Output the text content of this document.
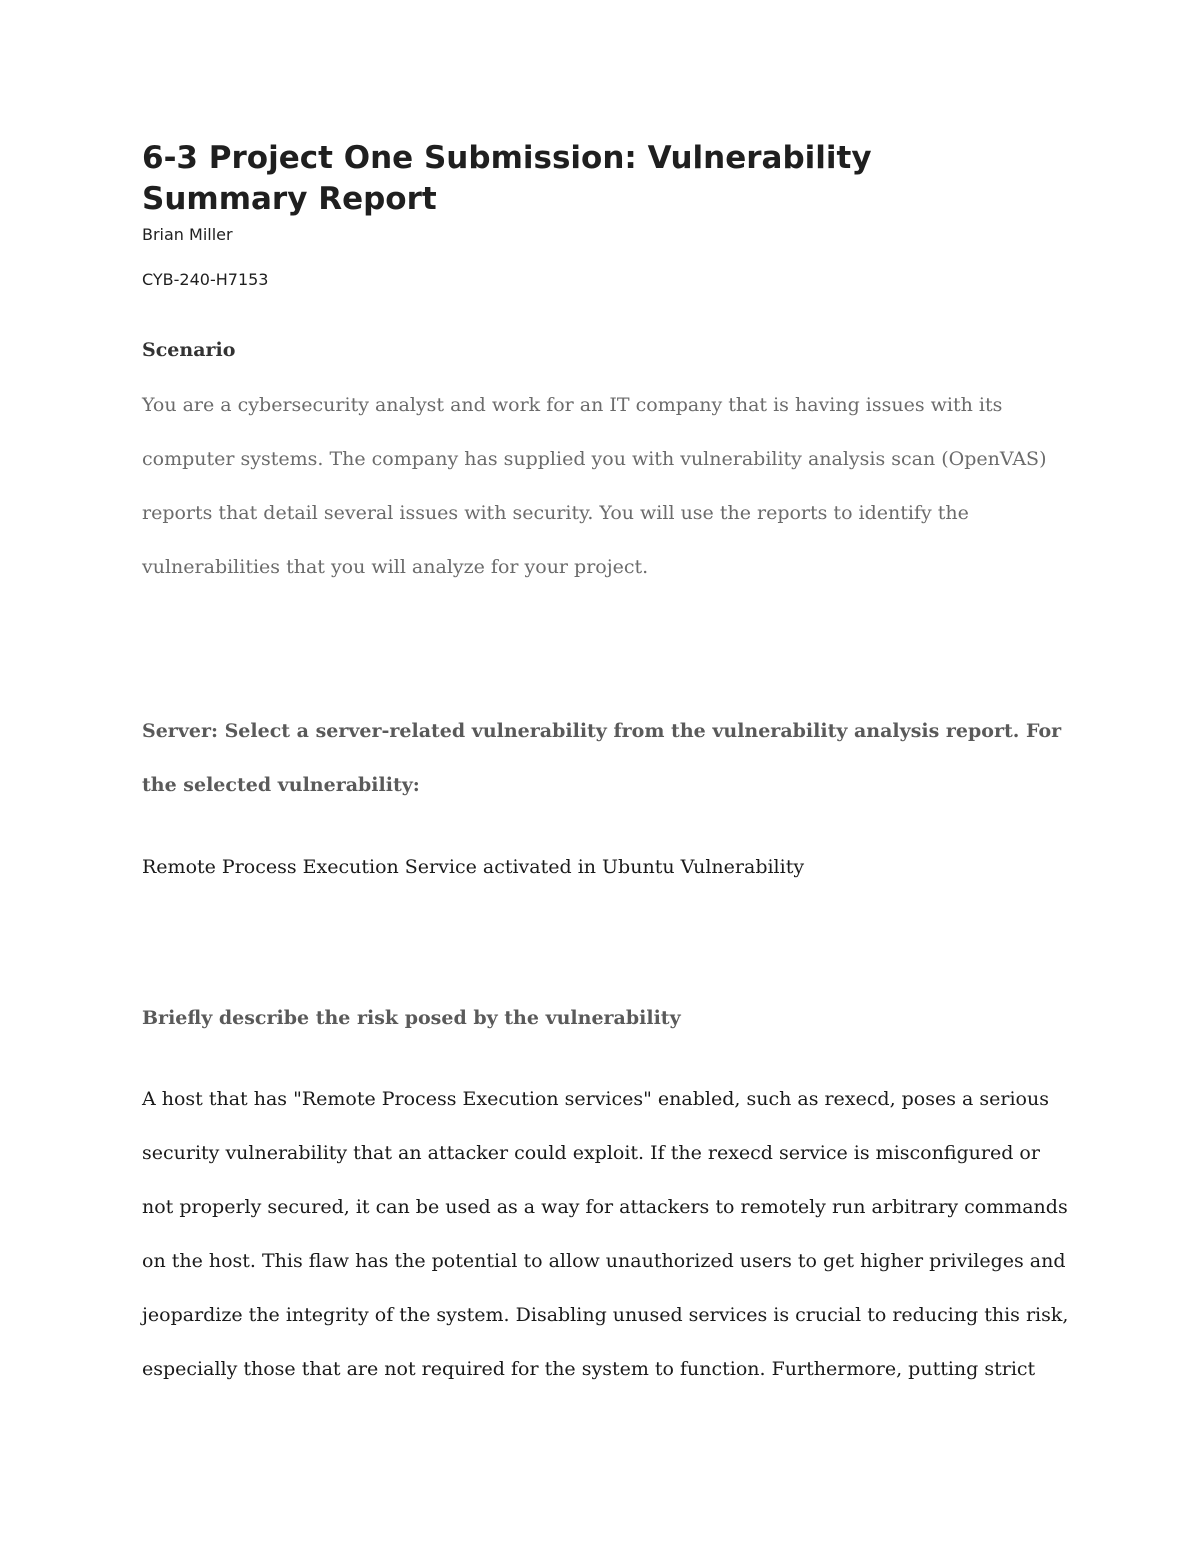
6-3 Project One Submission: Vulnerability Summary Report
Brian Miller
CYB-240-H7153
Scenario

You are a cybersecurity analyst and work for an IT company that is having issues with its computer systems. The company has supplied you with vulnerability analysis scan (OpenVAS) reports that detail several issues with security. You will use the reports to identify the vulnerabilities that you will analyze for your project.

Server: Select a server-related vulnerability from the vulnerability analysis report. For the selected vulnerability:

Remote Process Execution Service activated in Ubuntu Vulnerability

Briefly describe the risk posed by the vulnerability

A host that has "Remote Process Execution services" enabled, such as rexecd, poses a serious security vulnerability that an attacker could exploit. If the rexecd service is misconfigured or not properly secured, it can be used as a way for attackers to remotely run arbitrary commands on the host. This flaw has the potential to allow unauthorized users to get higher privileges and jeopardize the integrity of the system. Disabling unused services is crucial to reducing this risk, especially those that are not required for the system to function. Furthermore, putting strict
